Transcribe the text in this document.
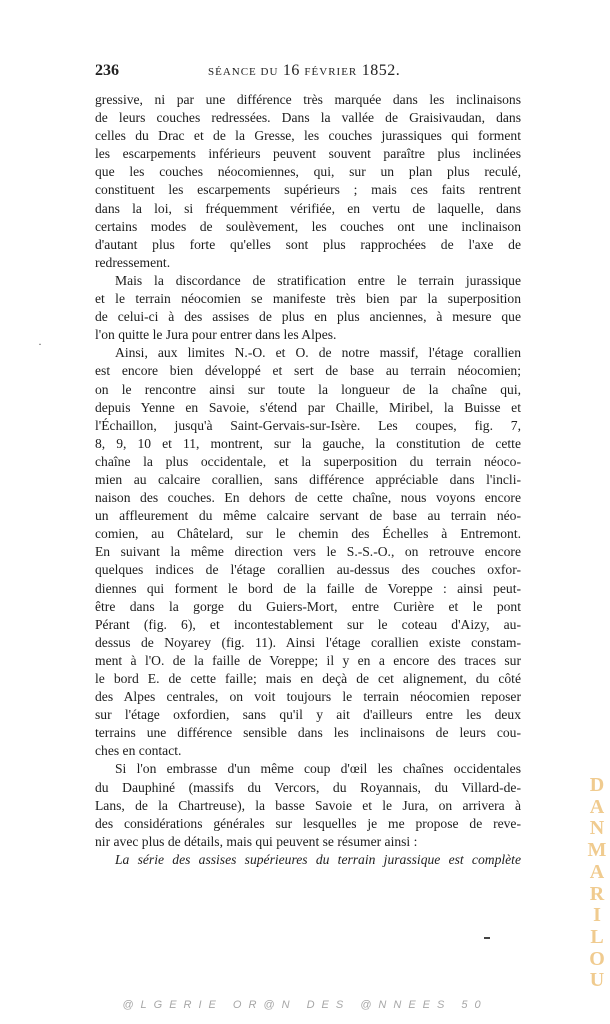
236	SÉANCE DU 16 FÉVRIER 1852.
gressive, ni par une différence très marquée dans les inclinaisons
de leurs couches redressées. Dans la vallée de Graisivaudan, dans
celles du Drac et de la Gresse, les couches jurassiques qui forment
les escarpements inférieurs peuvent souvent paraître plus inclinées
que les couches néocomiennes, qui, sur un plan plus reculé,
constituent les escarpements supérieurs ; mais ces faits rentrent
dans la loi, si fréquemment vérifiée, en vertu de laquelle, dans
certains modes de soulèvement, les couches ont une inclinaison
d'autant plus forte qu'elles sont plus rapprochées de l'axe de
redressement.
Mais la discordance de stratification entre le terrain jurassique
et le terrain néocomien se manifeste très bien par la superposition
de celui-ci à des assises de plus en plus anciennes, à mesure que
l'on quitte le Jura pour entrer dans les Alpes.
Ainsi, aux limites N.-O. et O. de notre massif, l'étage corallien
est encore bien développé et sert de base au terrain néocomien;
on le rencontre ainsi sur toute la longueur de la chaîne qui,
depuis Yenne en Savoie, s'étend par Chaille, Miribel, la Buisse et
l'Échaillon, jusqu'à Saint-Gervais-sur-Isère. Les coupes, fig. 7,
8, 9, 10 et 11, montrent, sur la gauche, la constitution de cette
chaîne la plus occidentale, et la superposition du terrain néoco-
mien au calcaire corallien, sans différence appréciable dans l'incli-
naison des couches. En dehors de cette chaîne, nous voyons encore
un affleurement du même calcaire servant de base au terrain néo-
comien, au Châtelard, sur le chemin des Échelles à Entremont.
En suivant la même direction vers le S.-S.-O., on retrouve encore
quelques indices de l'étage corallien au-dessus des couches oxfor-
diennes qui forment le bord de la faille de Voreppe : ainsi peut-
être dans la gorge du Guiers-Mort, entre Curière et le pont
Pérant (fig. 6), et incontestablement sur le coteau d'Aizy, au-
dessus de Noyarey (fig. 11). Ainsi l'étage corallien existe constam-
ment à l'O. de la faille de Voreppe; il y en a encore des traces sur
le bord E. de cette faille; mais en deçà de cet alignement, du côté
des Alpes centrales, on voit toujours le terrain néocomien reposer
sur l'étage oxfordien, sans qu'il y ait d'ailleurs entre les deux
terrains une différence sensible dans les inclinaisons de leurs cou-
ches en contact.
Si l'on embrasse d'un même coup d'œil les chaînes occidentales
du Dauphiné (massifs du Vercors, du Royannais, du Villard-de-
Lans, de la Chartreuse), la basse Savoie et le Jura, on arrivera à
des considérations générales sur lesquelles je me propose de reve-
nir avec plus de détails, mais qui peuvent se résumer ainsi :
La série des assises supérieures du terrain jurassique est complète
·
D
A
N
M
A
R
I
L
O
U
@LGERIE OR@N DES @NNEES 50
